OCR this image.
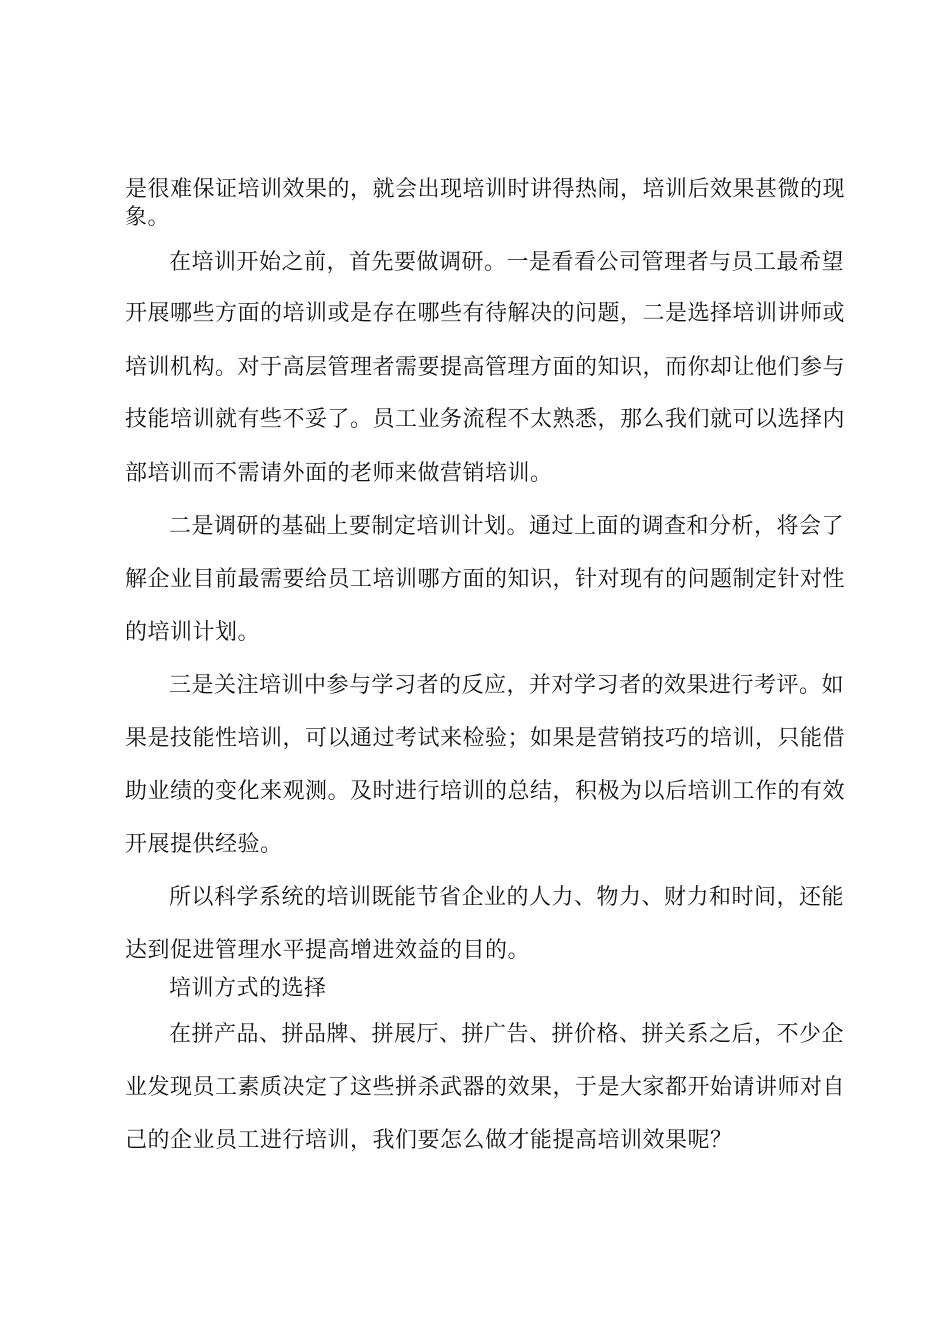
是很难保证培训效果的，就会出现培训时讲得热闹，培训后效果甚微的现
象。
在培训开始之前，首先要做调研。一是看看公司管理者与员工最希望
开展哪些方面的培训或是存在哪些有待解决的问题，二是选择培训讲师或
培训机构。对于高层管理者需要提高管理方面的知识，而你却让他们参与
技能培训就有些不妥了。员工业务流程不太熟悉，那么我们就可以选择内
部培训而不需请外面的老师来做营销培训。
二是调研的基础上要制定培训计划。通过上面的调查和分析，将会了
解企业目前最需要给员工培训哪方面的知识，针对现有的问题制定针对性
的培训计划。
三是关注培训中参与学习者的反应，并对学习者的效果进行考评。如
果是技能性培训，可以通过考试来检验；如果是营销技巧的培训，只能借
助业绩的变化来观测。及时进行培训的总结，积极为以后培训工作的有效
开展提供经验。
所以科学系统的培训既能节省企业的人力、物力、财力和时间，还能
达到促进管理水平提高增进效益的目的。
培训方式的选择
在拼产品、拼品牌、拼展厅、拼广告、拼价格、拼关系之后，不少企
业发现员工素质决定了这些拼杀武器的效果，于是大家都开始请讲师对自
己的企业员工进行培训，我们要怎么做才能提高培训效果呢？
